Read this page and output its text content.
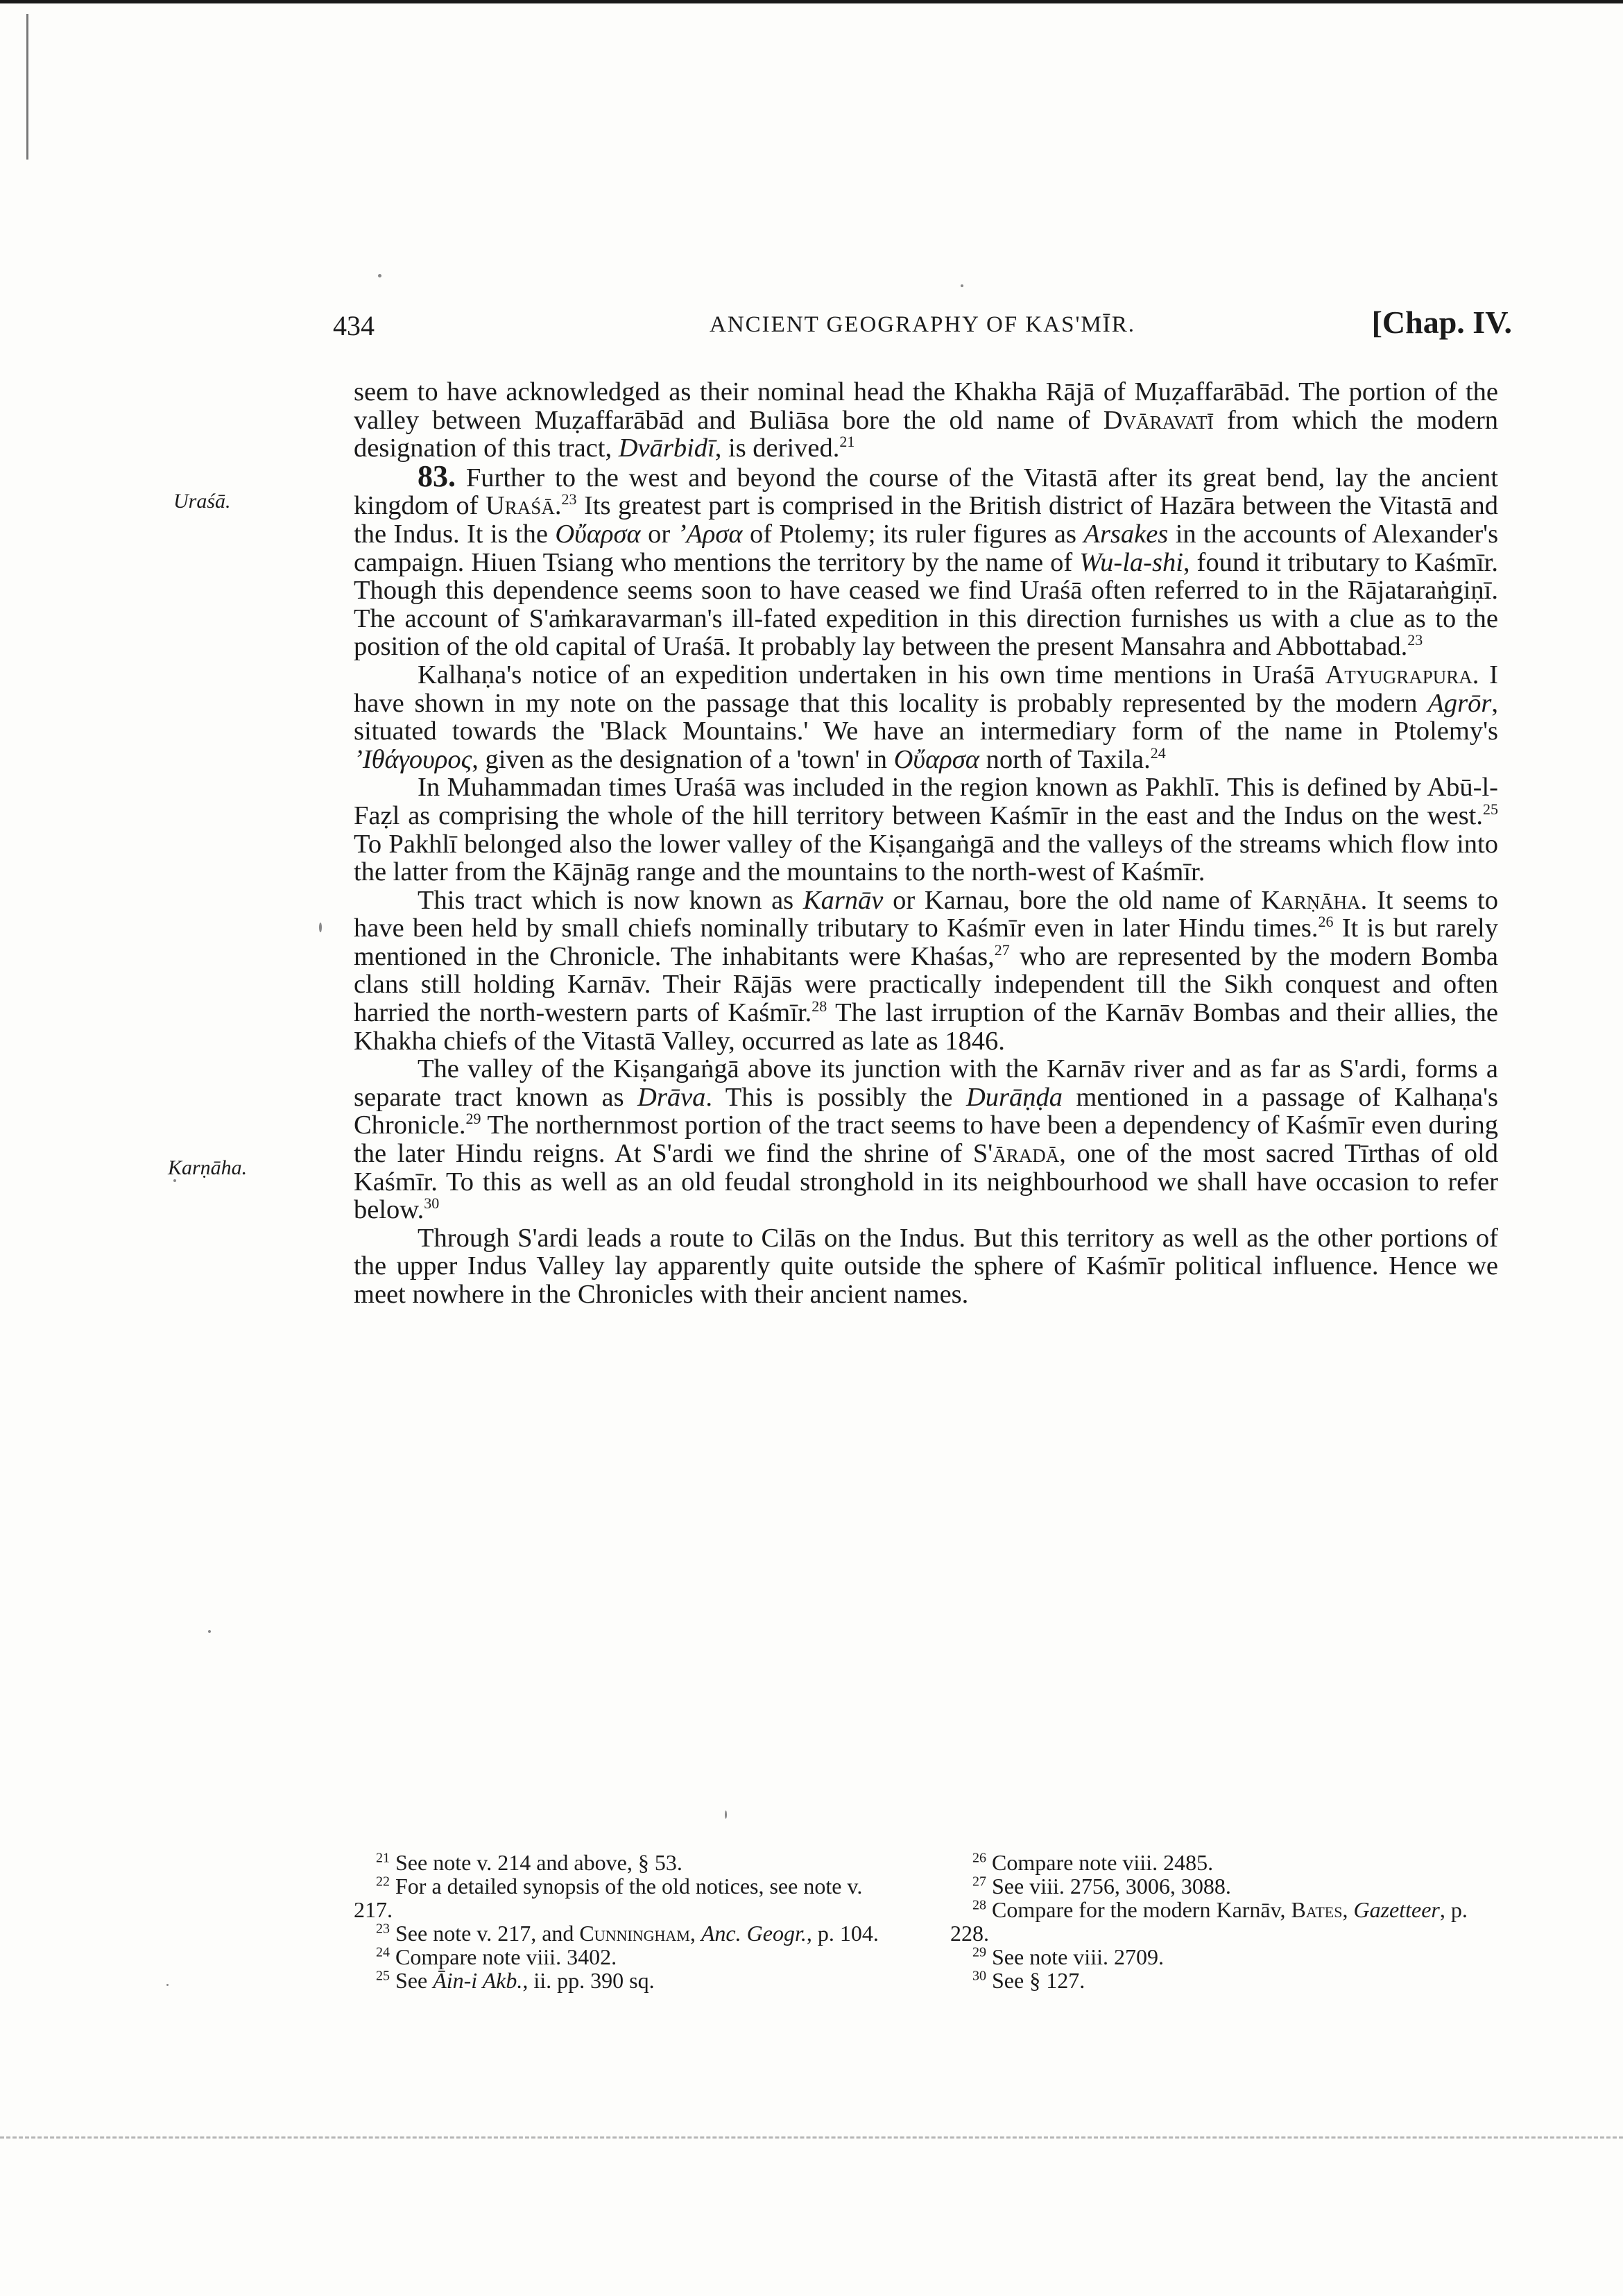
434	ANCIENT GEOGRAPHY OF KAS'MĪR.	[Chap. IV.
Uraśā.
Karṇāha.

seem to have acknowledged as their nominal head the Khakha Rājā of Muẓaffarābād. The portion of the valley between Muẓaffarābād and Buliāsa bore the old name of Dvāravatī from which the modern designation of this tract, Dvārbidī, is derived.$^{21}$

83. Further to the west and beyond the course of the Vitastā after its great bend, lay the ancient kingdom of Uraśā.$^{23}$ Its greatest part is comprised in the British district of Hazāra between the Vitastā and the Indus. It is the Οὔαρσα or ʼΑρσα of Ptolemy; its ruler figures as Arsakes in the accounts of Alexander's campaign. Hiuen Tsiang who mentions the territory by the name of Wu-la-shi, found it tributary to Kaśmīr. Though this dependence seems soon to have ceased we find Uraśā often referred to in the Rājataraṅgiṇī. The account of S'aṁkaravarman's ill-fated expedition in this direction furnishes us with a clue as to the position of the old capital of Uraśā. It probably lay between the present Mansahra and Abbottabad.$^{23}$

Kalhaṇa's notice of an expedition undertaken in his own time mentions in Uraśā Atyugrapura. I have shown in my note on the passage that this locality is probably represented by the modern Agrōr, situated towards the 'Black Mountains.' We have an intermediary form of the name in Ptolemy's ʼΙθάγουρος, given as the designation of a 'town' in Οὔαρσα north of Taxila.$^{24}$

In Muhammadan times Uraśā was included in the region known as Pakhlī. This is defined by Abū-l-Faẓl as comprising the whole of the hill territory between Kaśmīr in the east and the Indus on the west.$^{25}$ To Pakhlī belonged also the lower valley of the Kiṣangaṅgā and the valleys of the streams which flow into the latter from the Kājnāg range and the mountains to the north-west of Kaśmīr.

This tract which is now known as Karnāv or Karnau, bore the old name of Karṇāha. It seems to have been held by small chiefs nominally tributary to Kaśmīr even in later Hindu times.$^{26}$ It is but rarely mentioned in the Chronicle. The inhabitants were Khaśas,$^{27}$ who are represented by the modern Bomba clans still holding Karnāv. Their Rājās were practically independent till the Sikh conquest and often harried the north-western parts of Kaśmīr.$^{28}$ The last irruption of the Karnāv Bombas and their allies, the Khakha chiefs of the Vitastā Valley, occurred as late as 1846.

The valley of the Kiṣangaṅgā above its junction with the Karnāv river and as far as S'ardi, forms a separate tract known as Drāva. This is possibly the Durāṇḍa mentioned in a passage of Kalhaṇa's Chronicle.$^{29}$ The northernmost portion of the tract seems to have been a dependency of Kaśmīr even during the later Hindu reigns. At S'ardi we find the shrine of S'āradā, one of the most sacred Tīrthas of old Kaśmīr. To this as well as an old feudal stronghold in its neighbourhood we shall have occasion to refer below.$^{30}$

Through S'ardi leads a route to Cilās on the Indus. But this territory as well as the other portions of the upper Indus Valley lay apparently quite outside the sphere of Kaśmīr political influence. Hence we meet nowhere in the Chronicles with their ancient names.

$^{21}$ See note v. 214 and above, § 53.

$^{22}$ For a detailed synopsis of the old notices, see note v. 217.

$^{23}$ See note v. 217, and Cunningham, Anc. Geogr., p. 104.

$^{24}$ Compare note viii. 3402.

$^{25}$ See Āin-i Akb., ii. pp. 390 sq.

$^{26}$ Compare note viii. 2485.

$^{27}$ See viii. 2756, 3006, 3088.

$^{28}$ Compare for the modern Karnāv, Bates, Gazetteer, p. 228.

$^{29}$ See note viii. 2709.

$^{30}$ See § 127.
